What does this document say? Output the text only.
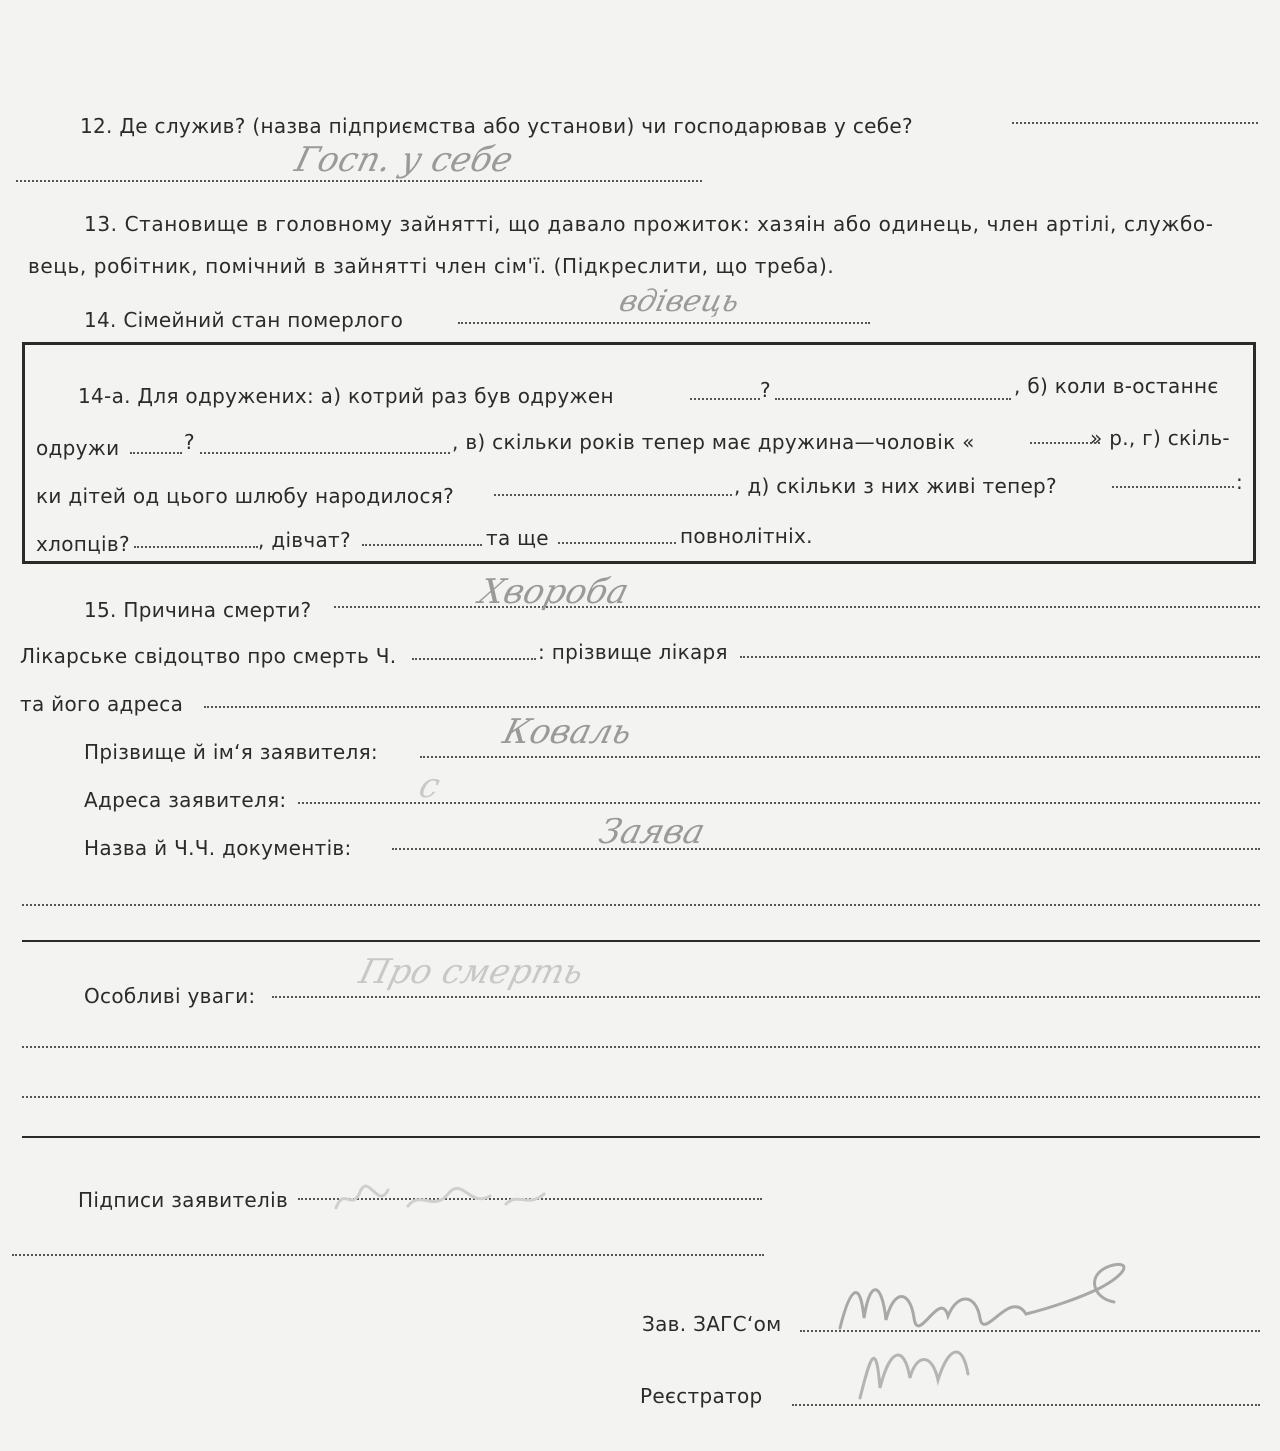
12. Де служив? (назва підприємства або установи) чи господарював у себе?
Госп. у себе
13. Становище в головному зайнятті, що давало прожиток: хазяін або одинець, член артілі, службо-
вець, робітник, помічний в зайнятті член сім'ї. (Підкреслити, що треба).
14. Сімейний стан померлого
вдівець
14-а. Для одружених: а) котрий раз був одружен	?	, б) коли в-останнє
одружи	?	, в) скільки років тепер має дружина—чоловік «	» р., г) скіль-
ки дітей од цього шлюбу народилося?	, д) скільки з них живі тепер?	:
хлопців?	, дівчат?	та ще	повнолітніх.
15. Причина смерти?	Хвороба
Лікарське свідоцтво про смерть Ч.	: прізвище лікаря
та його адреса
Прізвище й ім‘я заявителя:	Коваль
Адреса заявителя:	с
Назва й Ч.Ч. документів:	Заява
Особливі уваги:
Про смерть
Підписи заявителів
Зав. ЗАГС‘ом
Реєстратор
